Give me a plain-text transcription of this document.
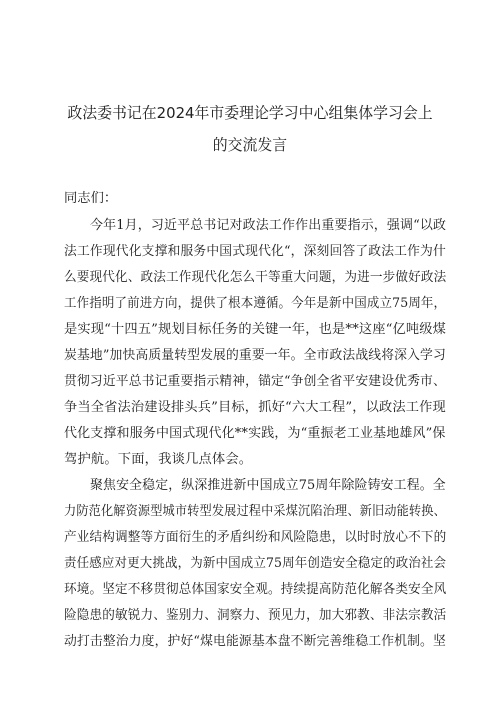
政法委书记在2024年市委理论学习中心组集体学习会上
的交流发言
同志们：
今年1月，习近平总书记对政法工作作出重要指示，强调“以政
法工作现代化支撑和服务中国式现代化“，深刻回答了政法工作为什
么要现代化、政法工作现代化怎么干等重大问题，为进一步做好政法
工作指明了前进方向，提供了根本遵循。今年是新中国成立75周年，
是实现“十四五”规划目标任务的关键一年，也是**这座“亿吨级煤
炭基地”加快高质量转型发展的重要一年。全市政法战线将深入学习
贯彻习近平总书记重要指示精神，锚定“争创全省平安建设优秀市、
争当全省法治建设排头兵”目标，抓好“六大工程”，以政法工作现
代化支撑和服务中国式现代化**实践，为“重振老工业基地雄风”保
驾护航。下面，我谈几点体会。
聚焦安全稳定，纵深推进新中国成立75周年除险铸安工程。全
力防范化解资源型城市转型发展过程中采煤沉陷治理、新旧动能转换、
产业结构调整等方面衍生的矛盾纠纷和风险隐患，以时时放心不下的
责任感应对更大挑战，为新中国成立75周年创造安全稳定的政治社会
环境。坚定不移贯彻总体国家安全观。持续提高防范化解各类安全风
险隐患的敏锐力、鉴别力、洞察力、预见力，加大邪教、非法宗教活
动打击整治力度，护好“煤电能源基本盘不断完善维稳工作机制。坚
